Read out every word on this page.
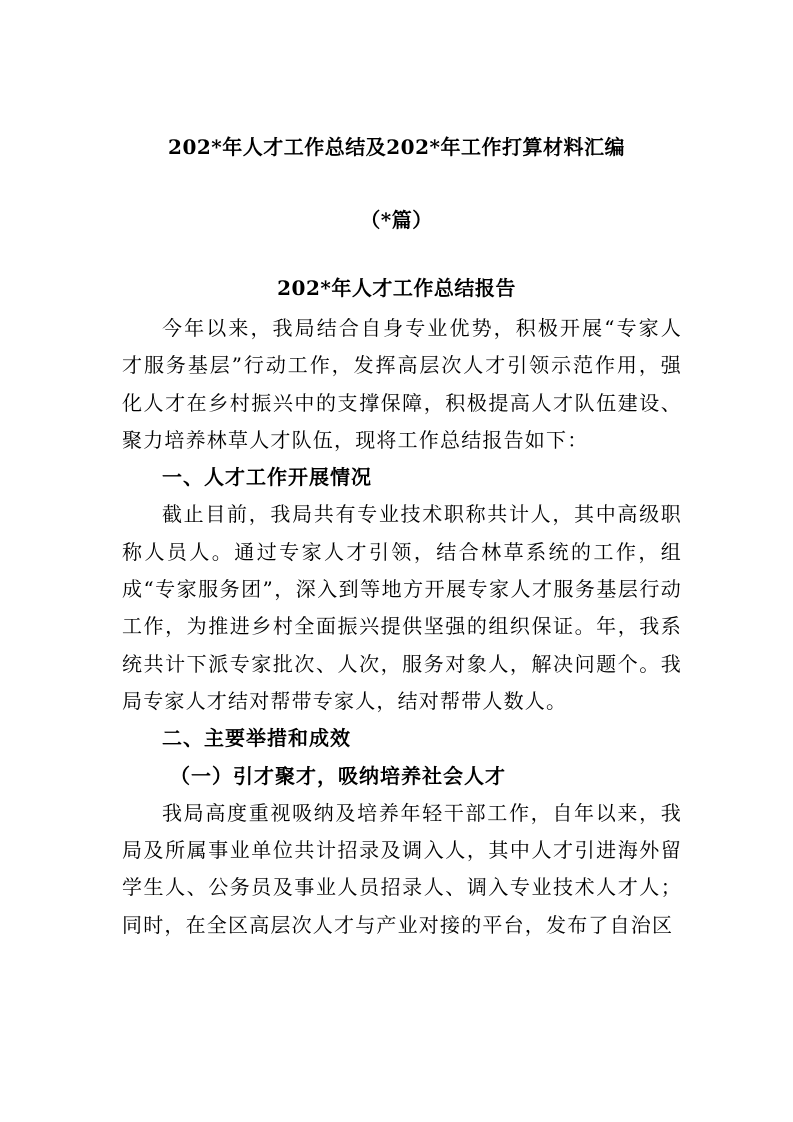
202*年人才工作总结及202*年工作打算材料汇编
（*篇）
202*年人才工作总结报告

今年以来，我局结合自身专业优势，积极开展“专家人才服务基层”行动工作，发挥高层次人才引领示范作用，强化人才在乡村振兴中的支撑保障，积极提高人才队伍建设、聚力培养林草人才队伍，现将工作总结报告如下：

一、人才工作开展情况

截止目前，我局共有专业技术职称共计人，其中高级职称人员人。通过专家人才引领，结合林草系统的工作，组成“专家服务团”，深入到等地方开展专家人才服务基层行动工作，为推进乡村全面振兴提供坚强的组织保证。年，我系统共计下派专家批次、人次，服务对象人，解决问题个。我局专家人才结对帮带专家人，结对帮带人数人。

二、主要举措和成效

（一）引才聚才，吸纳培养社会人才

我局高度重视吸纳及培养年轻干部工作，自年以来，我局及所属事业单位共计招录及调入人，其中人才引进海外留学生人、公务员及事业人员招录人、调入专业技术人才人；同时，在全区高层次人才与产业对接的平台，发布了自治区
